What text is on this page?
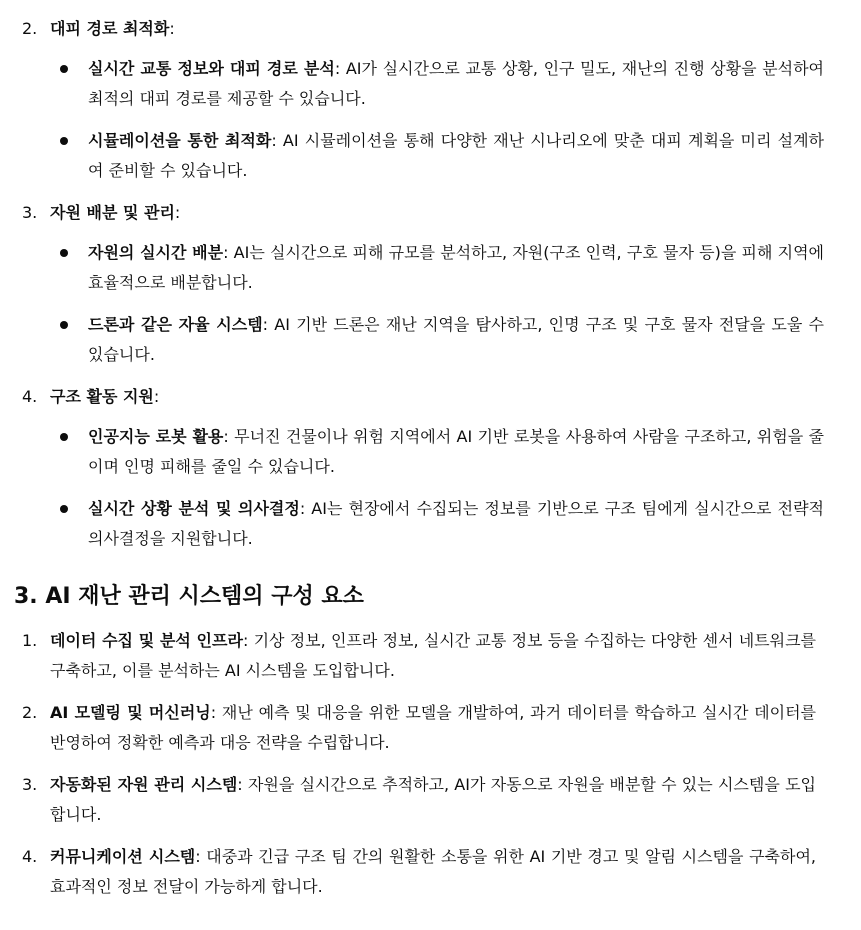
2. 대피 경로 최적화:
실시간 교통 정보와 대피 경로 분석: AI가 실시간으로 교통 상황, 인구 밀도, 재난의 진행 상황을 분석하여 최적의 대피 경로를 제공할 수 있습니다.
시뮬레이션을 통한 최적화: AI 시뮬레이션을 통해 다양한 재난 시나리오에 맞춘 대피 계획을 미리 설계하여 준비할 수 있습니다.
3. 자원 배분 및 관리:
자원의 실시간 배분: AI는 실시간으로 피해 규모를 분석하고, 자원(구조 인력, 구호 물자 등)을 피해 지역에 효율적으로 배분합니다.
드론과 같은 자율 시스템: AI 기반 드론은 재난 지역을 탐사하고, 인명 구조 및 구호 물자 전달을 도울 수 있습니다.
4. 구조 활동 지원:
인공지능 로봇 활용: 무너진 건물이나 위험 지역에서 AI 기반 로봇을 사용하여 사람을 구조하고, 위험을 줄이며 인명 피해를 줄일 수 있습니다.
실시간 상황 분석 및 의사결정: AI는 현장에서 수집되는 정보를 기반으로 구조 팀에게 실시간으로 전략적 의사결정을 지원합니다.
3. AI 재난 관리 시스템의 구성 요소
1. 데이터 수집 및 분석 인프라: 기상 정보, 인프라 정보, 실시간 교통 정보 등을 수집하는 다양한 센서 네트워크를 구축하고, 이를 분석하는 AI 시스템을 도입합니다.
2. AI 모델링 및 머신러닝: 재난 예측 및 대응을 위한 모델을 개발하여, 과거 데이터를 학습하고 실시간 데이터를 반영하여 정확한 예측과 대응 전략을 수립합니다.
3. 자동화된 자원 관리 시스템: 자원을 실시간으로 추적하고, AI가 자동으로 자원을 배분할 수 있는 시스템을 도입합니다.
4. 커뮤니케이션 시스템: 대중과 긴급 구조 팀 간의 원활한 소통을 위한 AI 기반 경고 및 알림 시스템을 구축하여, 효과적인 정보 전달이 가능하게 합니다.
